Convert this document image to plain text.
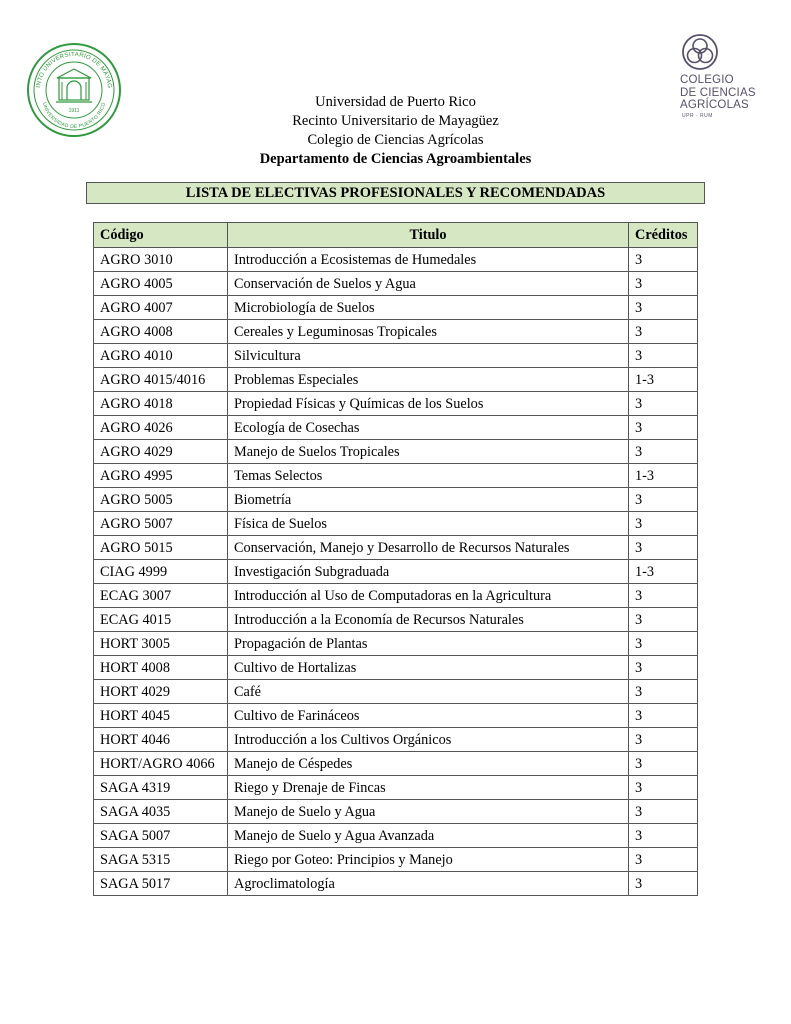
INTO UNIVERSITARIO DE MAYAG
UNIVERSIDAD DE PUERTO RICO
1911
COLEGIO
DE CIENCIAS
AGRÍCOLAS
UPR · RUM
Universidad de Puerto Rico
Recinto Universitario de Mayagüez
Colegio de Ciencias Agrícolas
Departamento de Ciencias Agroambientales
LISTA DE ELECTIVAS PROFESIONALES Y RECOMENDADAS
Código	Titulo	Créditos
AGRO 3010	Introducción a Ecosistemas de Humedales	3
AGRO 4005	Conservación de Suelos y Agua	3
AGRO 4007	Microbiología de Suelos	3
AGRO 4008	Cereales y Leguminosas Tropicales	3
AGRO 4010	Silvicultura	3
AGRO 4015/4016	Problemas Especiales	1-3
AGRO 4018	Propiedad Físicas y Químicas de los Suelos	3
AGRO 4026	Ecología de Cosechas	3
AGRO 4029	Manejo de Suelos Tropicales	3
AGRO 4995	Temas Selectos	1-3
AGRO 5005	Biometría	3
AGRO 5007	Física de Suelos	3
AGRO 5015	Conservación, Manejo y Desarrollo de Recursos Naturales	3
CIAG 4999	Investigación Subgraduada	1-3
ECAG 3007	Introducción al Uso de Computadoras en la Agricultura	3
ECAG 4015	Introducción a la Economía de Recursos Naturales	3
HORT 3005	Propagación de Plantas	3
HORT 4008	Cultivo de Hortalizas	3
HORT 4029	Café	3
HORT 4045	Cultivo de Farináceos	3
HORT 4046	Introducción a los Cultivos Orgánicos	3
HORT/AGRO 4066	Manejo de Céspedes	3
SAGA 4319	Riego y Drenaje de Fincas	3
SAGA 4035	Manejo de Suelo y Agua	3
SAGA 5007	Manejo de Suelo y Agua Avanzada	3
SAGA 5315	Riego por Goteo: Principios y Manejo	3
SAGA 5017	Agroclimatología	3
